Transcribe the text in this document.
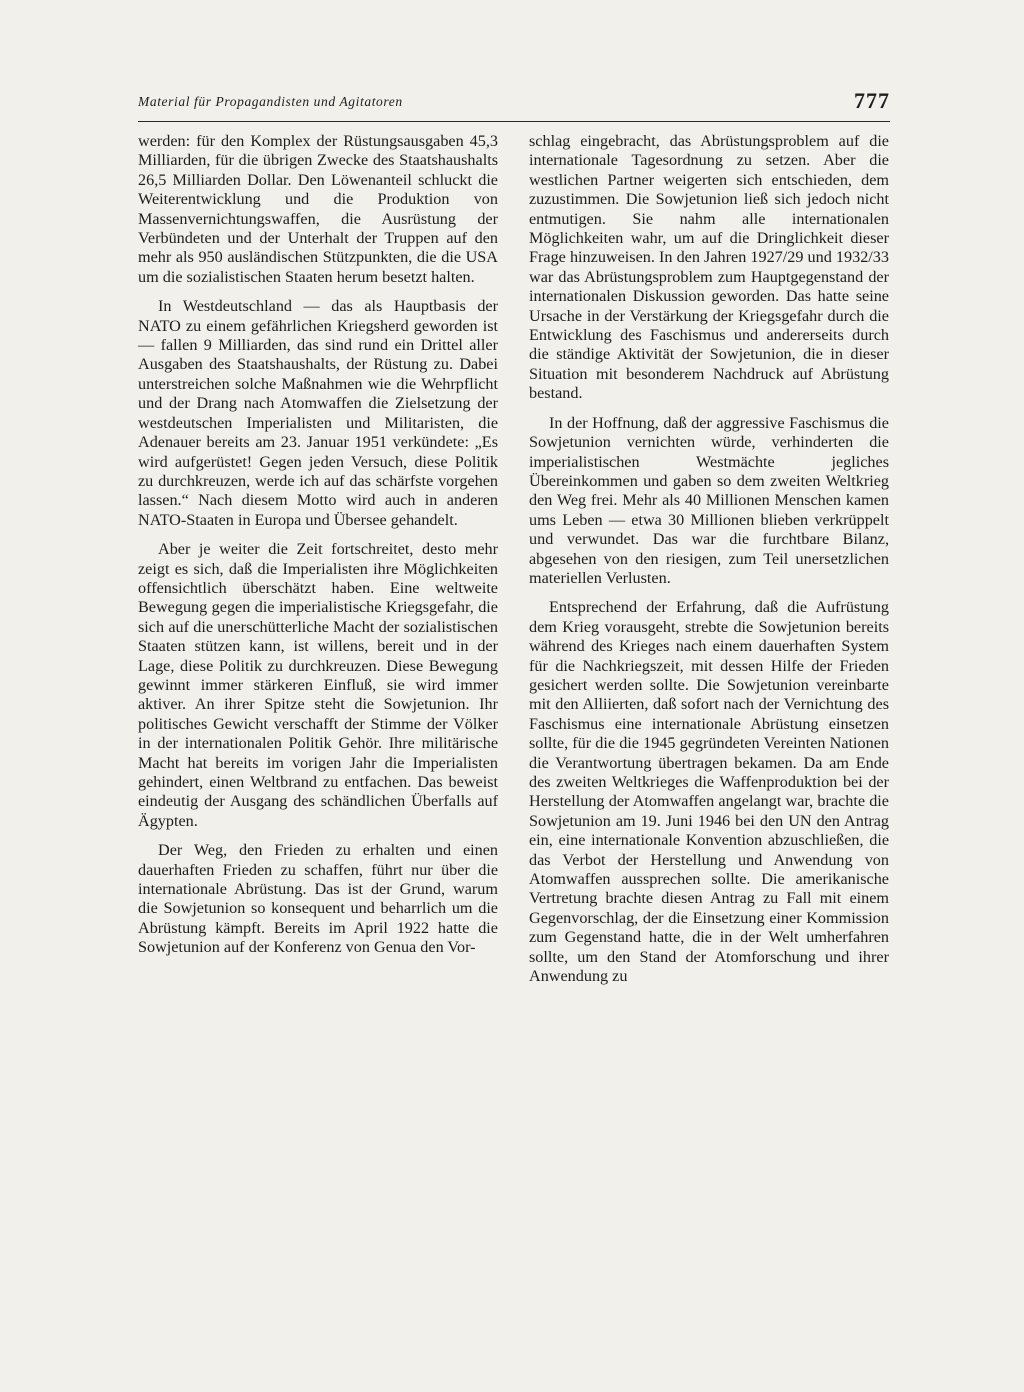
Material für Propagandisten und Agitatoren	777

werden: für den Komplex der Rüstungsausgaben 45,3 Milliarden, für die übrigen Zwecke des Staatshaushalts 26,5 Milliarden Dollar. Den Löwenanteil schluckt die Weiterentwicklung und die Produktion von Massenvernichtungswaffen, die Ausrüstung der Verbündeten und der Unterhalt der Truppen auf den mehr als 950 ausländischen Stützpunkten, die die USA um die sozialistischen Staaten herum besetzt halten.

In Westdeutschland — das als Hauptbasis der NATO zu einem gefährlichen Kriegsherd geworden ist — fallen 9 Milliarden, das sind rund ein Drittel aller Ausgaben des Staatshaushalts, der Rüstung zu. Dabei unterstreichen solche Maßnahmen wie die Wehrpflicht und der Drang nach Atomwaffen die Zielsetzung der westdeutschen Imperialisten und Militaristen, die Adenauer bereits am 23. Januar 1951 verkündete: „Es wird aufgerüstet! Gegen jeden Versuch, diese Politik zu durchkreuzen, werde ich auf das schärfste vorgehen lassen.“ Nach diesem Motto wird auch in anderen NATO-Staaten in Europa und Übersee gehandelt.

Aber je weiter die Zeit fortschreitet, desto mehr zeigt es sich, daß die Imperialisten ihre Möglichkeiten offensichtlich überschätzt haben. Eine weltweite Bewegung gegen die imperialistische Kriegsgefahr, die sich auf die unerschütterliche Macht der sozialistischen Staaten stützen kann, ist willens, bereit und in der Lage, diese Politik zu durchkreuzen. Diese Bewegung gewinnt immer stärkeren Einfluß, sie wird immer aktiver. An ihrer Spitze steht die Sowjetunion. Ihr politisches Gewicht verschafft der Stimme der Völker in der internationalen Politik Gehör. Ihre militärische Macht hat bereits im vorigen Jahr die Imperialisten gehindert, einen Weltbrand zu entfachen. Das beweist eindeutig der Ausgang des schändlichen Überfalls auf Ägypten.

Der Weg, den Frieden zu erhalten und einen dauerhaften Frieden zu schaffen, führt nur über die internationale Abrüstung. Das ist der Grund, warum die Sowjetunion so konsequent und beharrlich um die Abrüstung kämpft. Bereits im April 1922 hatte die Sowjetunion auf der Konferenz von Genua den Vor-

schlag eingebracht, das Abrüstungsproblem auf die internationale Tagesordnung zu setzen. Aber die westlichen Partner weigerten sich entschieden, dem zuzustimmen. Die Sowjetunion ließ sich jedoch nicht entmutigen. Sie nahm alle internationalen Möglichkeiten wahr, um auf die Dringlichkeit dieser Frage hinzuweisen. In den Jahren 1927/29 und 1932/33 war das Abrüstungsproblem zum Hauptgegenstand der internationalen Diskussion geworden. Das hatte seine Ursache in der Verstärkung der Kriegsgefahr durch die Entwicklung des Faschismus und andererseits durch die ständige Aktivität der Sowjetunion, die in dieser Situation mit besonderem Nachdruck auf Abrüstung bestand.

In der Hoffnung, daß der aggressive Faschismus die Sowjetunion vernichten würde, verhinderten die imperialistischen Westmächte jegliches Übereinkommen und gaben so dem zweiten Weltkrieg den Weg frei. Mehr als 40 Millionen Menschen kamen ums Leben — etwa 30 Millionen blieben verkrüppelt und verwundet. Das war die furchtbare Bilanz, abgesehen von den riesigen, zum Teil unersetzlichen materiellen Verlusten.

Entsprechend der Erfahrung, daß die Aufrüstung dem Krieg vorausgeht, strebte die Sowjetunion bereits während des Krieges nach einem dauerhaften System für die Nachkriegszeit, mit dessen Hilfe der Frieden gesichert werden sollte. Die Sowjetunion vereinbarte mit den Alliierten, daß sofort nach der Vernichtung des Faschismus eine internationale Abrüstung einsetzen sollte, für die die 1945 gegründeten Vereinten Nationen die Verantwortung übertragen bekamen. Da am Ende des zweiten Weltkrieges die Waffenproduktion bei der Herstellung der Atomwaffen angelangt war, brachte die Sowjetunion am 19. Juni 1946 bei den UN den Antrag ein, eine internationale Konvention abzuschließen, die das Verbot der Herstellung und Anwendung von Atomwaffen aussprechen sollte. Die amerikanische Vertretung brachte diesen Antrag zu Fall mit einem Gegenvorschlag, der die Einsetzung einer Kommission zum Gegenstand hatte, die in der Welt umherfahren sollte, um den Stand der Atomforschung und ihrer Anwendung zu
